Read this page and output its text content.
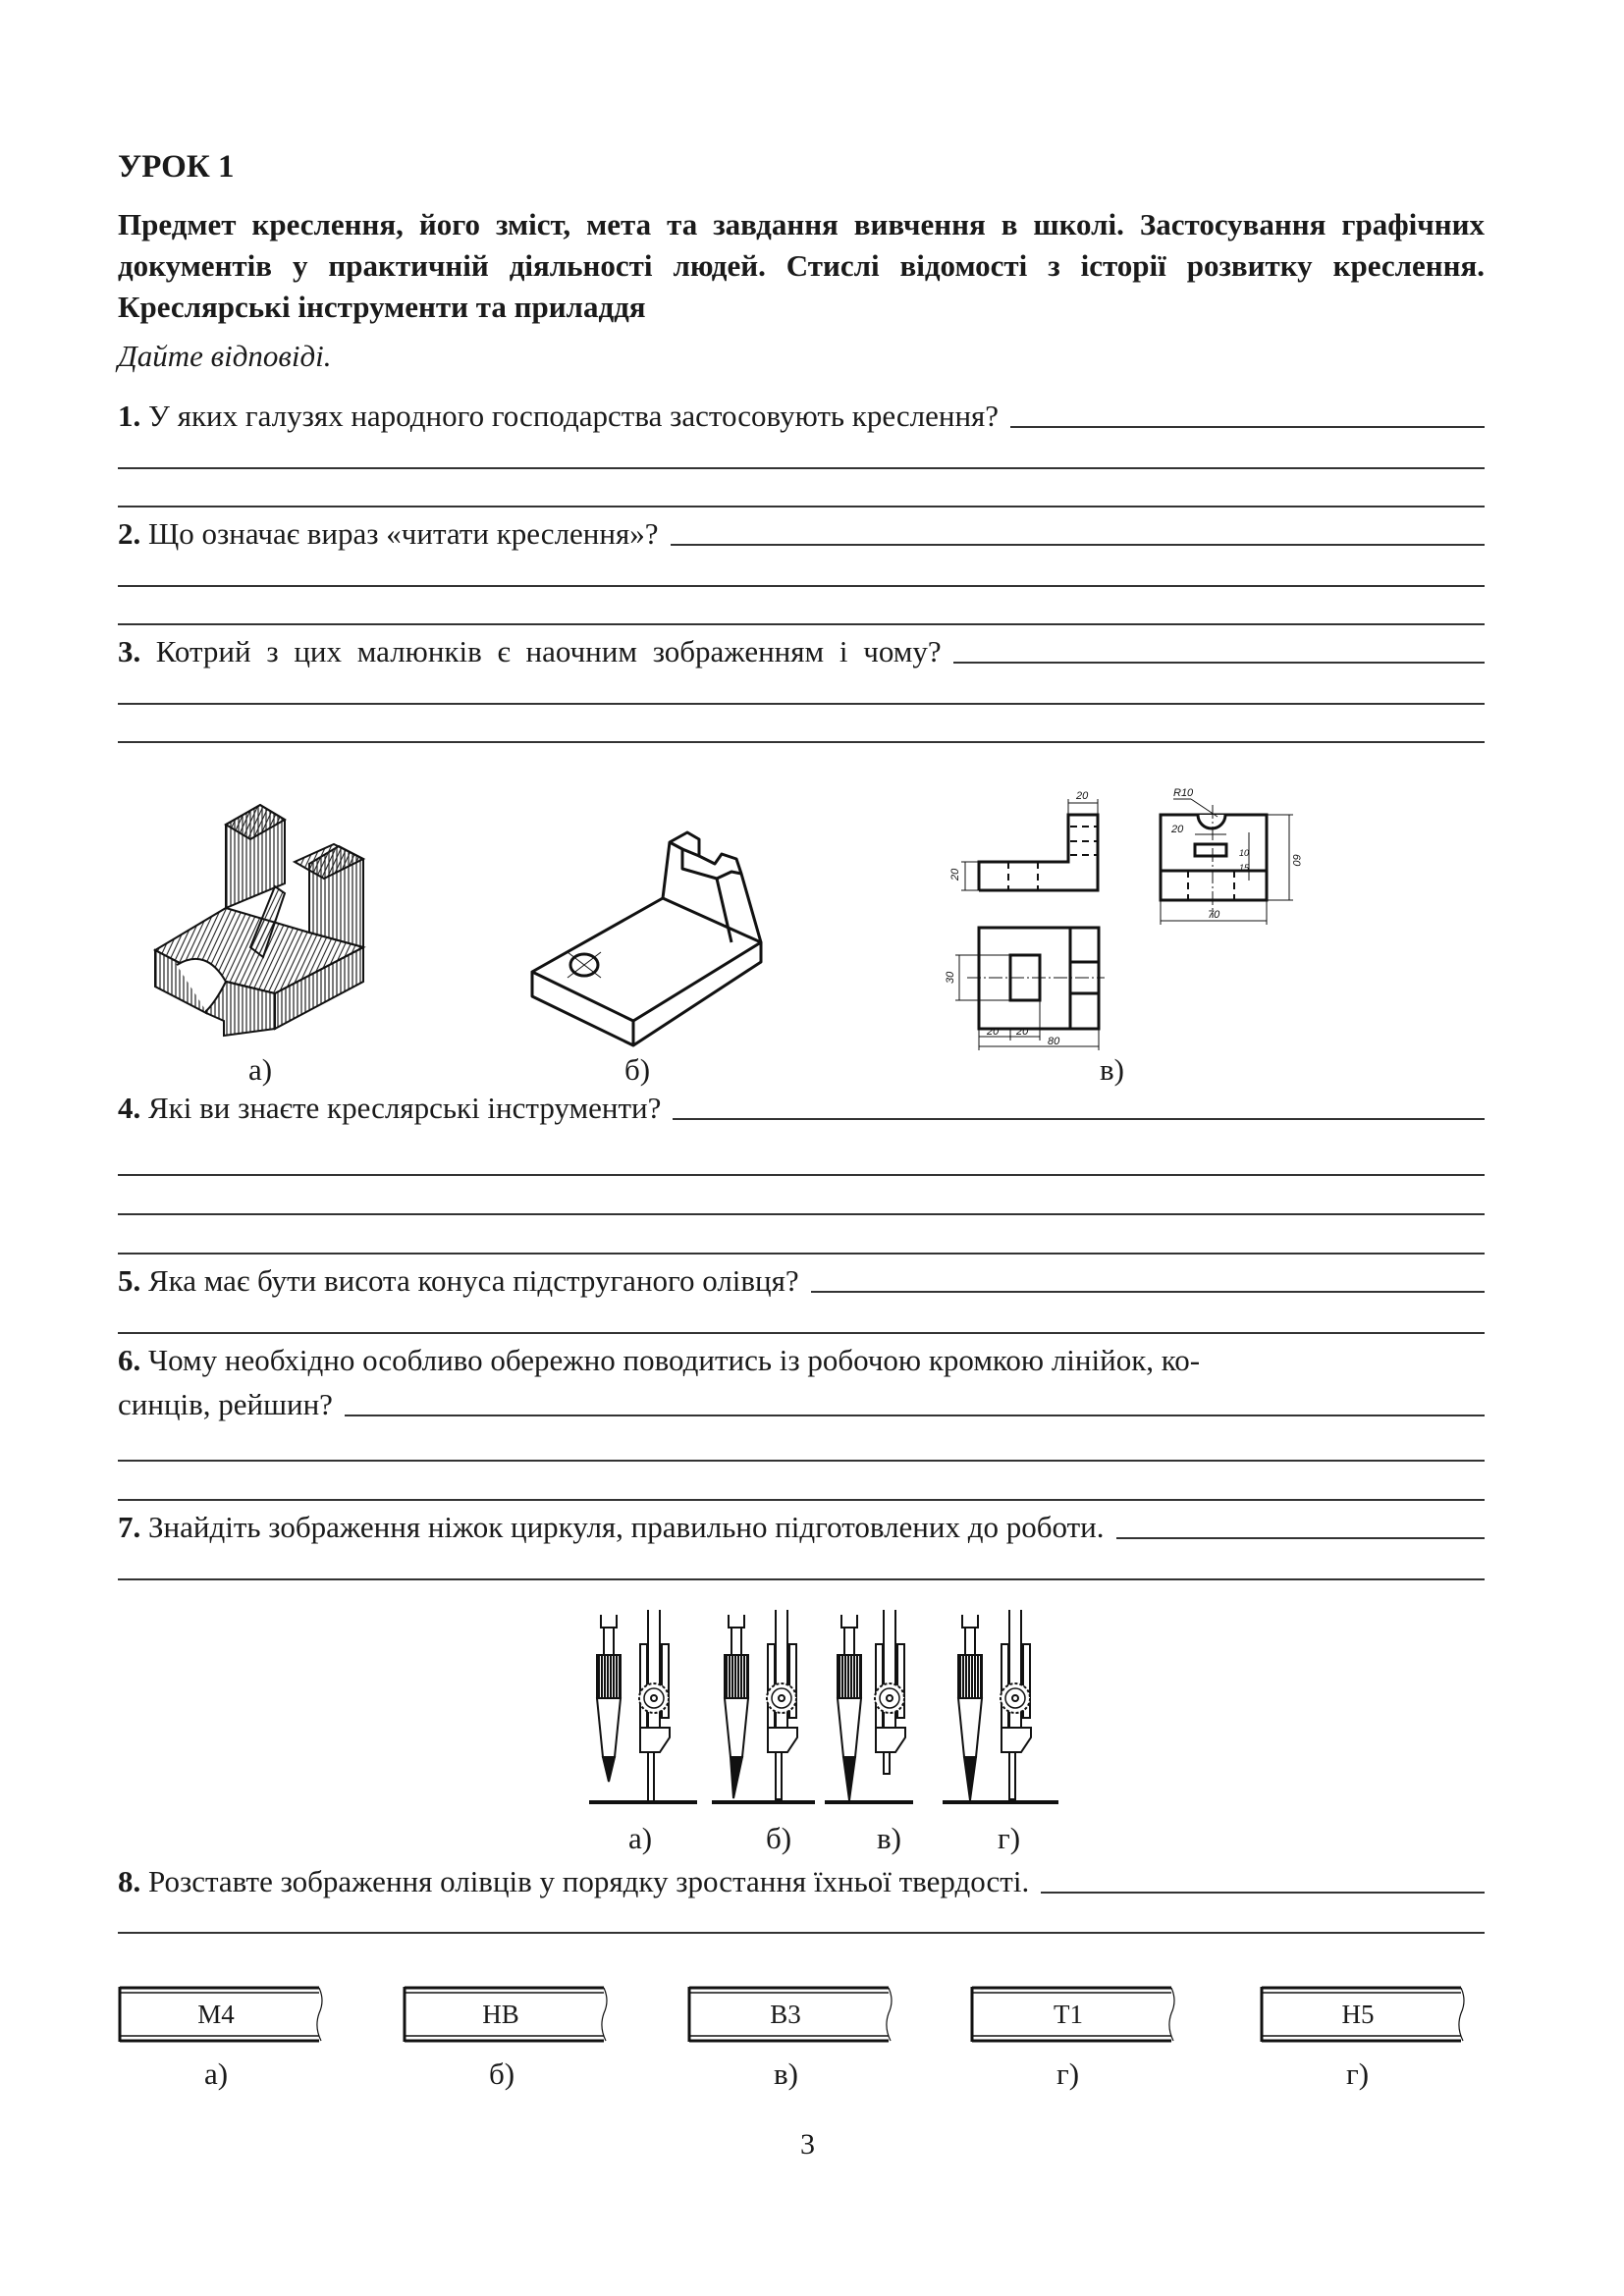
УРОК 1
Предмет креслення, його зміст, мета та завдання вивчення в школі. Застосування графічних документів у практичній діяльності людей. Стислі відомості з історії розвитку креслення. Креслярські інструменти та приладдя
Дайте відповіді.
1.
У яких галузях народного господарства застосовують креслення?
2.
Що означає вираз «читати креслення»?
3.
Котрий з цих малюнків є наочним зображенням і чому?
а)	б)
20
20
R10
20
10
15
60
70
30
20 20
80
в)
4.
Які ви знаєте креслярські інструменти?
5.
Яка має бути висота конуса підструганого олівця?
6.
Чому необхідно особливо обережно поводитись із робочою кромкою лінійок, ко-
синців, рейшин?
7.
Знайдіть зображення ніжок циркуля, правильно підготовлених до роботи.
а)	б)	в)	г)
8.
Розставте зображення олівців у порядку зростання їхньої твердості.
М4
а)
НВ
б)
В3
в)
Т1
г)
Н5
г)
3
